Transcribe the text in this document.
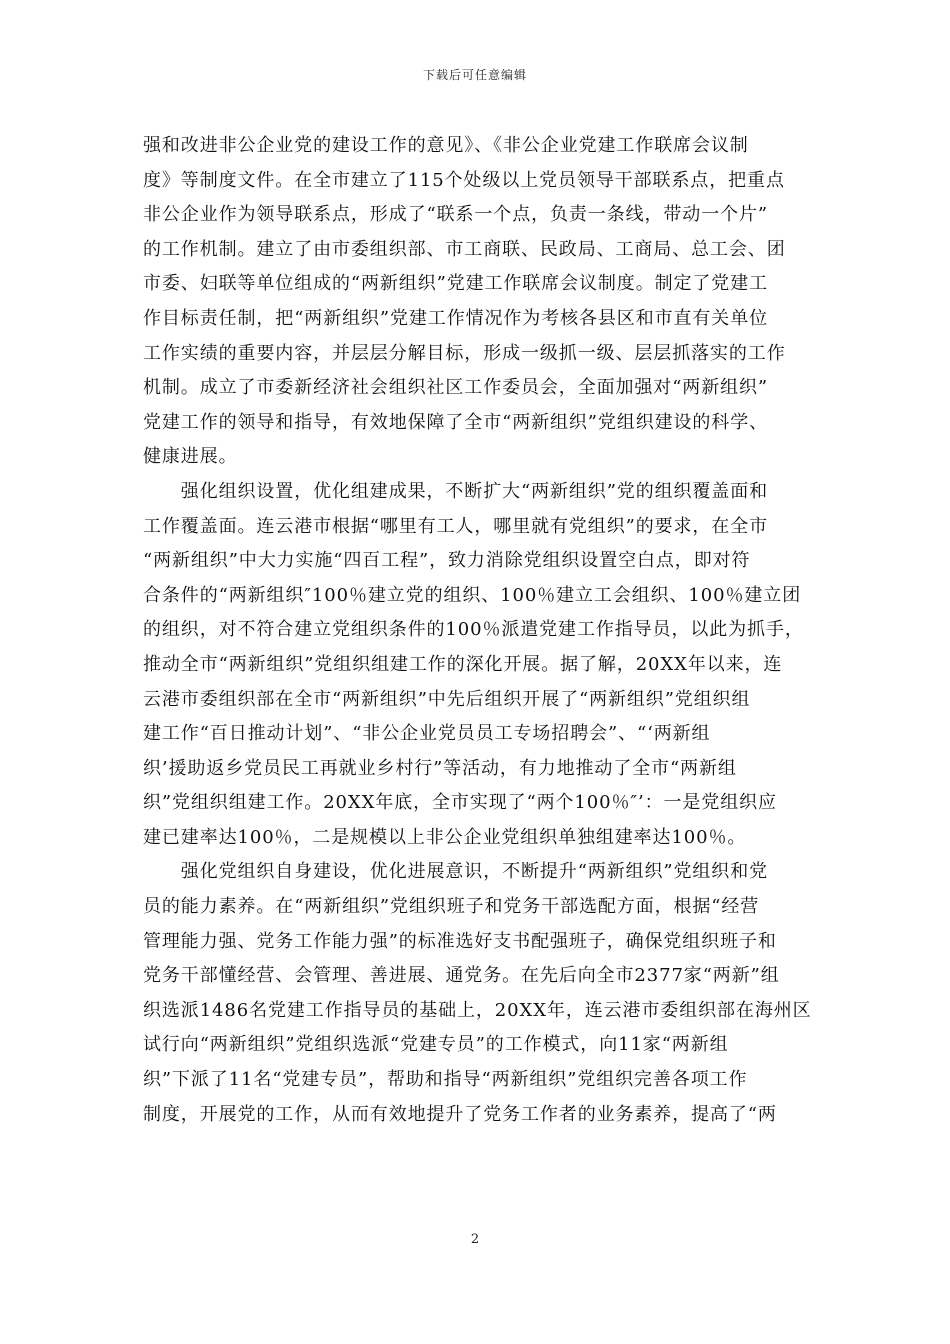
下载后可任意编辑

强和改进非公企业党的建设工作的意见》、《非公企业党建工作联席会议制
度》等制度文件。在全市建立了115个处级以上党员领导干部联系点，把重点
非公企业作为领导联系点，形成了“联系一个点，负责一条线，带动一个片”
的工作机制。建立了由市委组织部、市工商联、民政局、工商局、总工会、团
市委、妇联等单位组成的“两新组织”党建工作联席会议制度。制定了党建工
作目标责任制，把“两新组织”党建工作情况作为考核各县区和市直有关单位
工作实绩的重要内容，并层层分解目标，形成一级抓一级、层层抓落实的工作
机制。成立了市委新经济社会组织社区工作委员会，全面加强对“两新组织”
党建工作的领导和指导，有效地保障了全市“两新组织”党组织建设的科学、
健康进展。

　　强化组织设置，优化组建成果，不断扩大“两新组织”党的组织覆盖面和
工作覆盖面。连云港市根据“哪里有工人，哪里就有党组织”的要求，在全市
“两新组织”中大力实施“四百工程”，致力消除党组织设置空白点，即对符
合条件的“两新组织″100％建立党的组织、100％建立工会组织、100％建立团
的组织，对不符合建立党组织条件的100％派遣党建工作指导员，以此为抓手，
推动全市“两新组织”党组织组建工作的深化开展。据了解，20XX年以来，连
云港市委组织部在全市“两新组织”中先后组织开展了“两新组织”党组织组
建工作“百日推动计划”、“非公企业党员员工专场招聘会”、“‘两新组
织’援助返乡党员民工再就业乡村行”等活动，有力地推动了全市“两新组
织”党组织组建工作。20XX年底，全市实现了“两个100％″’：一是党组织应
建已建率达100％，二是规模以上非公企业党组织单独组建率达100％。

　　强化党组织自身建设，优化进展意识，不断提升“两新组织”党组织和党
员的能力素养。在“两新组织”党组织班子和党务干部选配方面，根据“经营
管理能力强、党务工作能力强”的标准选好支书配强班子，确保党组织班子和
党务干部懂经营、会管理、善进展、通党务。在先后向全市2377家“两新”组
织选派1486名党建工作指导员的基础上，20XX年，连云港市委组织部在海州区
试行向“两新组织”党组织选派“党建专员”的工作模式，向11家“两新组
织”下派了11名“党建专员”，帮助和指导“两新组织”党组织完善各项工作
制度，开展党的工作，从而有效地提升了党务工作者的业务素养，提高了“两

2
